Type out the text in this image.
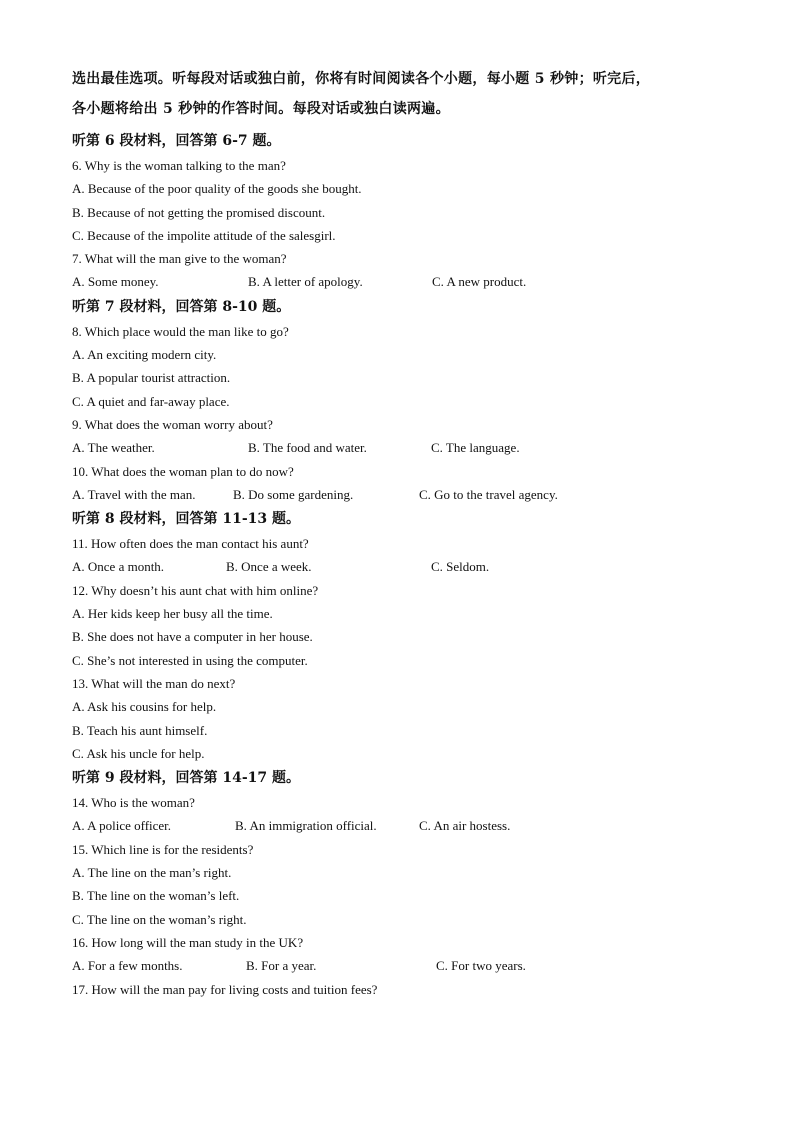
选出最佳选项。听每段对话或独白前，你将有时间阅读各个小题，每小题 5 秒钟；听完后，

各小题将给出 5 秒钟的作答时间。每段对话或独白读两遍。

听第 6 段材料，回答第 6-7 题。
6. Why is the woman talking to the man?
A. Because of the poor quality of the goods she bought.
B. Because of not getting the promised discount.
C. Because of the impolite attitude of the salesgirl.
7. What will the man give to the woman?
A. Some money.	B. A letter of apology.	C. A new product.
听第 7 段材料，回答第 8-10 题。
8. Which place would the man like to go?
A. An exciting modern city.
B. A popular tourist attraction.
C. A quiet and far-away place.
9. What does the woman worry about?
A. The weather.	B. The food and water.	C. The language.
10. What does the woman plan to do now?
A. Travel with the man.	B. Do some gardening.	C. Go to the travel agency.
听第 8 段材料，回答第 11-13 题。
11. How often does the man contact his aunt?
A. Once a month.	B. Once a week.	C. Seldom.
12. Why doesn’t his aunt chat with him online?
A. Her kids keep her busy all the time.
B. She does not have a computer in her house.
C. She’s not interested in using the computer.
13. What will the man do next?
A. Ask his cousins for help.
B. Teach his aunt himself.
C. Ask his uncle for help.
听第 9 段材料，回答第 14-17 题。
14. Who is the woman?
A. A police officer.	B. An immigration official.	C. An air hostess.
15. Which line is for the residents?
A. The line on the man’s right.
B. The line on the woman’s left.
C. The line on the woman’s right.
16. How long will the man study in the UK?
A. For a few months.	B. For a year.	C. For two years.
17. How will the man pay for living costs and tuition fees?
